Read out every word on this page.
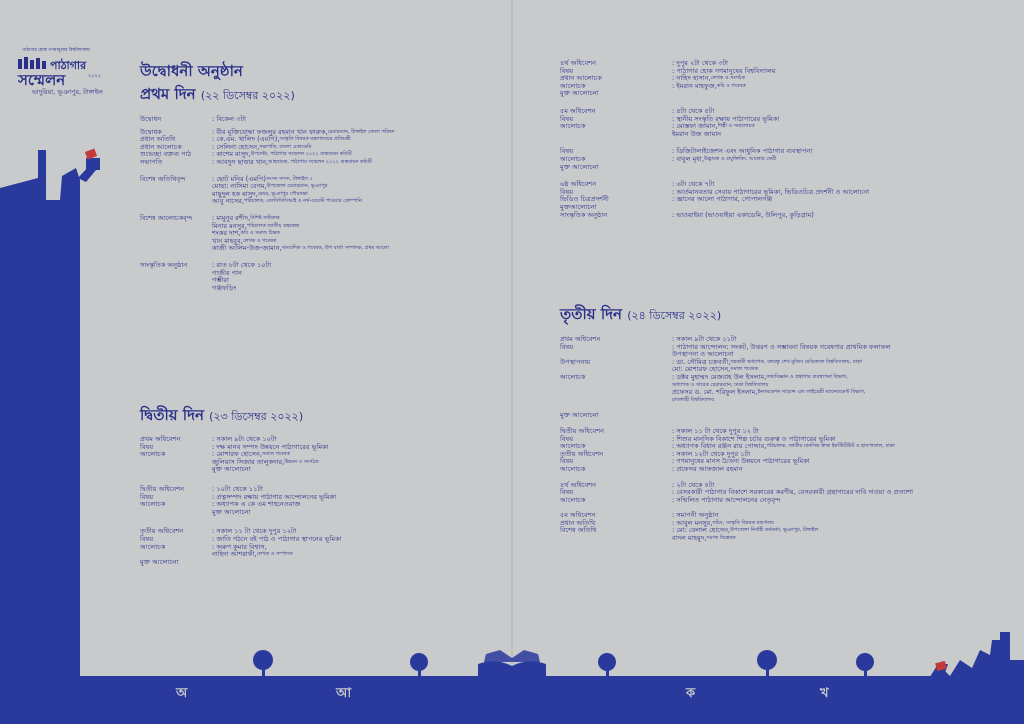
অ	আ	ক	খ
পাঠাগার হোক গণমানুষের বিশ্ববিদ্যালয়
পাঠাগার
সম্মেলন	২০২২
ভাদুরিয়া, ভূঞাপুর, টাঙ্গাইল
উদ্বোধনী অনুষ্ঠান
প্রথম দিন (২২ ডিসেম্বর ২০২২)
উদ্বোধন	: বিকেল ৩টা
উদ্বোধক	: বীর মুক্তিযোদ্ধা ফজলুর রহমান খান ফারুক, চেয়ারম্যান, টাঙ্গাইল জেলা পরিষদ
প্রধান অতিথি	: কে.এম. খালিদ (এমপি), সংস্কৃতি বিষয়ক মন্ত্রণালয়ের প্রতিমন্ত্রী
প্রধান আলোচক	: সেলিনা হোসেন, সভাপতি, বাংলা একাডেমি
শুভেচ্ছা বক্তব্য পাঠ	: কাশেম মাসুদ, উপদেষ্টা, পাঠাগার সম্মেলন ২০২২ বাস্তবায়ন কমিটি
সভাপতি	: আবদুস ছাত্তার খান, আহবায়ক, পাঠাগার সম্মেলন ২০২২ বাস্তবায়ন কমিটি
বিশেষ অতিথিবৃন্দ	: ছোট মনির (এমপি) সংসদ সদস্য, টাঙ্গাইল ২
মোছা: নাসিমা বেগম, উপজেলা চেয়ারম্যান, ভূঞাপুর
মাছুদুল হক মাসুদ, মেয়র, ভূঞাপুর পৌরসভা
আবু নাসের, পরিচালক, এফসিসিসিআই ও নর্থ-ওয়েস্ট পাওয়ার কোম্পানি
বিশেষ আলোচকবৃন্দ	: মামুনুর রশীদ, বিশিষ্ট নাট্যকার
মিনার মনসুর, পরিচালক জাতীয় গ্রন্থকেন্দ্র
শংকর দাশ, কবি ও সমাজ চিন্তক
খান মাহবুব, লেখক ও গবেষক
কাজী আলিম-উজ-জামান, সাংবাদিক ও গবেষক, উপ বার্তা সম্পাদক, প্রথম আলো
সাংস্কৃতিক অনুষ্ঠান	: রাত ৮টা থেকে ১০টা
গাজীর গান
গম্ভীরা
গঞ্জফড়িং
দ্বিতীয় দিন (২৩ ডিসেম্বর ২০২২)
প্রথম অধিবেশন	: সকাল ৯টা থেকে ১০টা
বিষয়	: দক্ষ মানব সম্পদ উন্নয়নে পাঠাগারের ভূমিকা
আলোচক	: মোশারফ হোসেন, সমাজ গবেষক
জুলিয়াস সিজার তালুকদার, উন্নয়ন ও সংগঠক
মুক্ত আলোচনা
দ্বিতীয় অধিবেশন	: ১০টা থেকে ১১টা
বিষয়	: প্রত্নসম্পদ রক্ষায় পাঠাগার আন্দোলনের ভূমিকা
আলোচক	: অধ্যাপক এ কে এম শাহনেওয়াজ
মুক্ত আলোচনা
তৃতীয় অধিবেশন	: সকাল ১১ টা থেকে দুপুর ১২টা
বিষয়	: জাতি গঠনে বই পাঠ ও পাঠাগার স্থাপনের ভূমিকা
আলোচক	: অরুণ কুমার বিশ্বাস,
নাহিদা আশরাফী, লেখক ও সম্পাদক
মুক্ত আলোচনা
৪র্থ অধিবেশন	: দুপুর ২টা থেকে ৩টা
বিষয়	: পাঠাগার হোক গণমানুষের বিশ্ববিদ্যালয়
প্রধান আলোচক	: নাহিদ হাসান, লেখক ও সংগঠক
আলোচক	: ইমরান মাহফুজ, কবি ও গবেষক
মুক্ত আলোচনা
৫ম অধিবেশন	: ৪টা থেকে ৫টা
বিষয়	: স্থানীয় সংস্কৃতি রক্ষায় পাঠাগারের ভূমিকা
আলোচক	: মোস্তফা জামান, শিল্পী ও সমালোচক
ইমরান উজ জামান
বিষয়	: ডিজিটালাইজেশন এবং আধুনিক পাঠাগার ব্যবস্থাপনা
আলোচক	: বাবুল মৃধা, উদ্ভাবক ও প্রযুক্তিবিদ, আলোর ফেরী
মুক্ত আলোচনা
৬ষ্ঠ অধিবেশন	: ৬টা থেকে ৭টা
বিষয়	: আর্তমানবতার সেবায় পাঠাগারের ভূমিকা, ভিডিওচিত্র প্রদর্শনী ও আলোচনা
ভিডিও চিত্রপ্রদর্শনী	: জ্ঞানের আলো পাঠাগার, গোপালগঞ্জ
মুক্তআলোচনা
সাংস্কৃতিক অনুষ্ঠান	: ভাওয়াইয়া (ভাওয়াইয়া একাডেমি, উলিপুর, কুড়িগ্রাম)
তৃতীয় দিন (২৪ ডিসেম্বর ২০২২)
প্রথম অধিবেশন	: সকাল ৯টা থেকে ১১টা
বিষয়	: পাঠাগার আন্দোলন: সংকট, উত্তরণ ও সম্ভাবনা বিষয়ক গবেষণার প্রাথমিক ফলাফল
উপস্থাপনা ও আলোচনা
উপস্থাপনায়	: ডা. সৌমিত্র চক্রবর্তী, সহকারী অধ্যাপক, বঙ্গবন্ধু শেখ মুজিব মেডিক্যাল বিশ্ববিদ্যালয়, ঢাকা
মো: মোশারফ হোসেন, সমাজ গবেষক
আলোচক	: ডক্টর মুহাম্মদ মেজবাহ উল ইসলাম, তথ্যবিজ্ঞান ও গ্রন্থাগার ব্যবস্থাপনা বিভাগ,
অধ্যাপক ও সাবেক চেয়ারম্যান, ঢাকা বিশ্ববিদ্যালয়
প্রফেসর ড. মো. শরিফুল ইসলাম, ইনফরমেশন সায়েন্স এন্ড লাইব্রেরী ম্যানেজমেন্ট বিভাগ,
রাজশাহী বিশ্ববিদ্যালয়
মুক্ত আলোচনা
দ্বিতীয় অধিবেশন	: সকাল ১১ টা থেকে দুপুর ১২ টা
বিষয়	: শিশুর মানসিক বিকাশে শিল্প চর্চার গুরুত্ব ও পাঠাগারের ভূমিকা
আলোচক	: অধ্যাপক বিধান রঞ্জন রায় পোদ্দার, পরিচালক, জাতীয় মানসিক স্বাস্থ্য ইনস্টিটিউট ও হাসপাতাল, ঢাকা
তৃতীয় অধিবেশন	: সকাল ১২টা থেকে দুপুর ১টা
বিষয়	: গণমানুষের মানস চৈতন্য উন্নয়নে পাঠাগারের ভূমিকা
আলোচক	: প্রফেসর আফজাল রহমান
৪র্থ অধিবেশন	: ২টা থেকে ৪টা
বিষয়	: বেসরকারী পাঠাগার বিকাশে সরকারের করণীয়, বেসরকারী গ্রন্থাগারের দাবি দাওয়া ও প্রত্যাশা
আলোচক	: সম্মিলিত পাঠাগার আন্দোলনের নেতৃবৃন্দ
৫ম অধিবেশন	: সমাপনী অনুষ্ঠান
প্রধান অতিথি	: আবুল মনসুর, সচিব, সংস্কৃতি বিষয়ক মন্ত্রণালয়
বিশেষ অতিথি	: মো: বেলাল হোসেন, উপজেলা নির্বাহী কর্মকর্তা, ভূঞাপুর, টাঙ্গাইল
বাদল মাহমুদ, সমাজ বিশ্লেষক
